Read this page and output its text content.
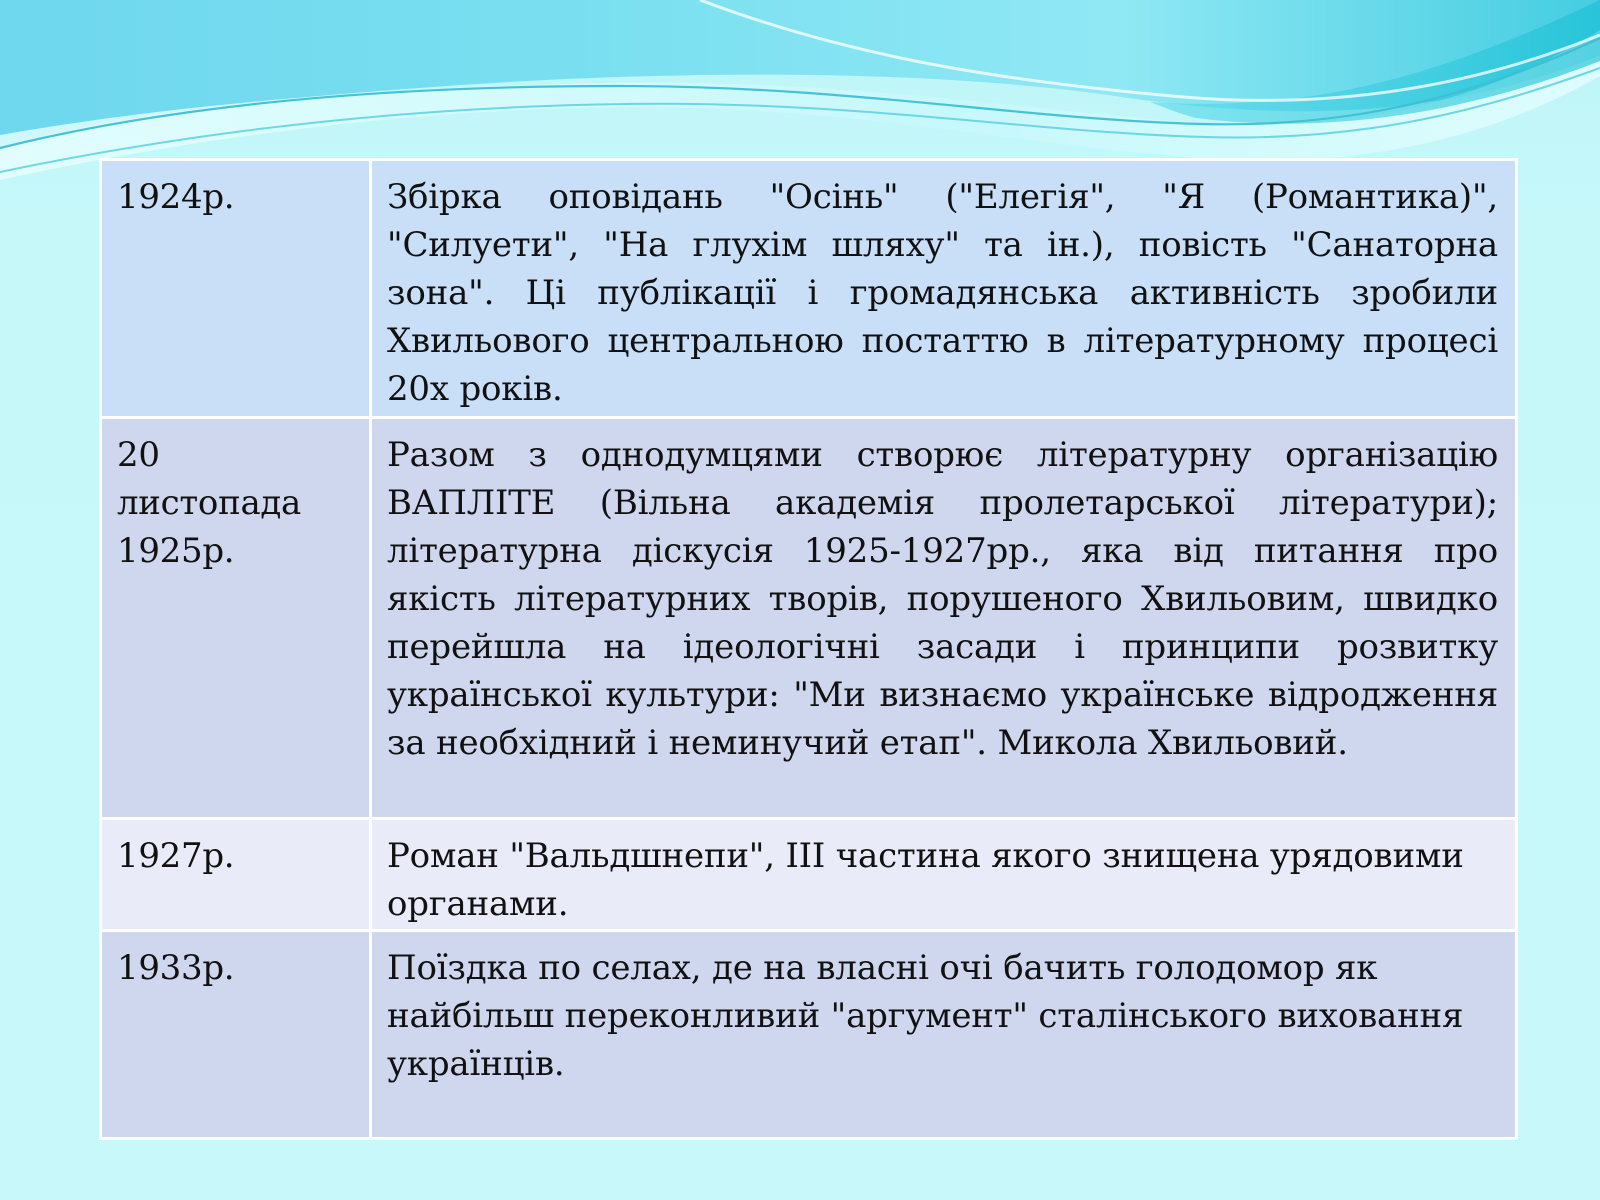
1924р.	Збірка оповідань "Осінь" ("Елегія", "Я (Романтика)", "Силуети", "На глухім шляху" та ін.), повість "Санаторна зона". Ці публікації і громадянська активність зробили Хвильового центральною постаттю в літературному процесі 20х років.
20 листопада 1925р.	Разом з однодумцями створює літературну організацію ВАПЛІТЕ (Вільна академія пролетарської літератури); літературна діскусія 1925-1927рр., яка від питання про якість літературних творів, порушеного Хвильовим, швидко перейшла на ідеологічні засади і принципи розвитку української культури: "Ми визнаємо українське відродження за необхідний і неминучий етап". Микола Хвильовий.
1927р.	Роман "Вальдшнепи", ІІІ частина якого знищена урядовими органами.
1933р.	Поїздка по селах, де на власні очі бачить голодомор як найбільш переконливий "аргумент" сталінського виховання українців.
